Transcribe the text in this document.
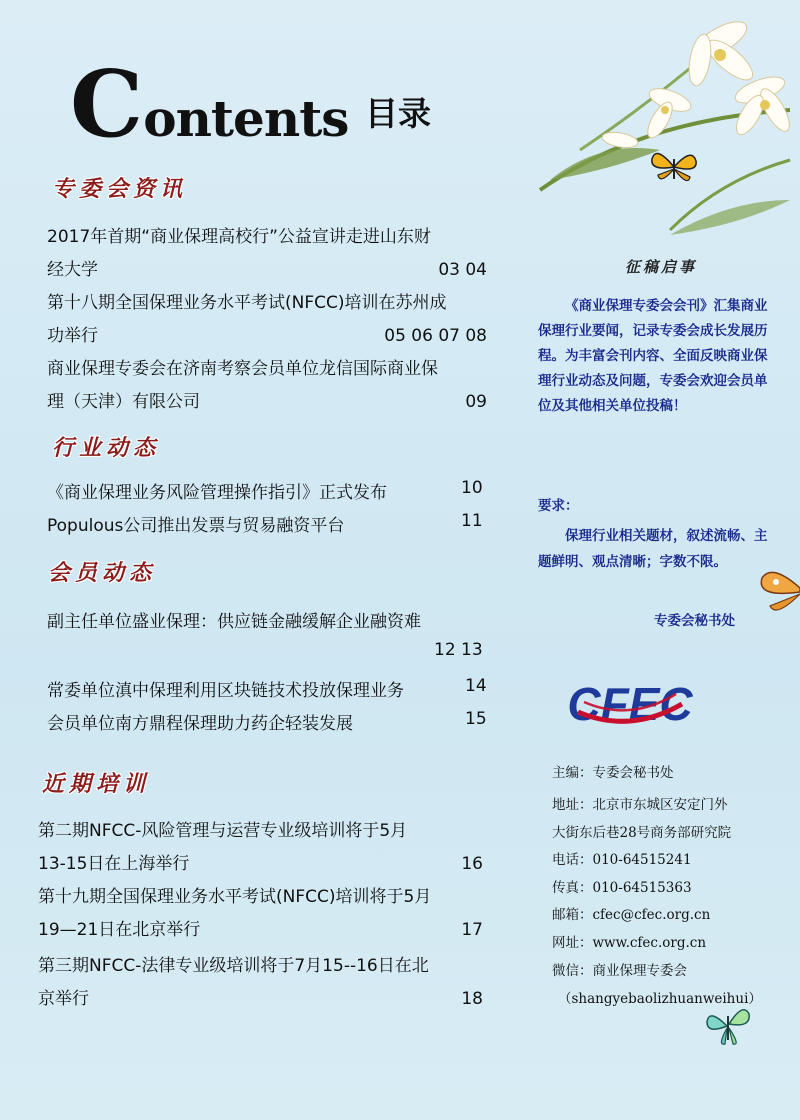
Contents 目录
专委会资讯
2017年首期“商业保理高校行”公益宣讲走进山东财
经大学	03 04
第十八期全国保理业务水平考试(NFCC)培训在苏州成
功举行	05 06 07 08
商业保理专委会在济南考察会员单位龙信国际商业保
理（天津）有限公司	09
行业动态
《商业保理业务风险管理操作指引》正式发布	10
Populous公司推出发票与贸易融资平台	11
会员动态
副主任单位盛业保理：供应链金融缓解企业融资难
12 13
常委单位滇中保理利用区块链技术投放保理业务	14
会员单位南方鼎程保理助力药企轻装发展	15
近期培训
第二期NFCC-风险管理与运营专业级培训将于5月
13-15日在上海举行	16
第十九期全国保理业务水平考试(NFCC)培训将于5月
19—21日在北京举行	17
第三期NFCC-法律专业级培训将于7月15--16日在北
京举行	18
征稿启事
《商业保理专委会会刊》汇集商业保理行业要闻，记录专委会成长发展历程。为丰富会刊内容、全面反映商业保理行业动态及问题，专委会欢迎会员单位及其他相关单位投稿！
要求：
保理行业相关题材，叙述流畅、主题鲜明、观点清晰；字数不限。
专委会秘书处
CFEC
主编：专委会秘书处
地址：北京市东城区安定门外
大街东后巷28号商务部研究院
电话：010-64515241
传真：010-64515363
邮箱：cfec@cfec.org.cn
网址：www.cfec.org.cn
微信：商业保理专委会
（shangyebaolizhuanweihui）
